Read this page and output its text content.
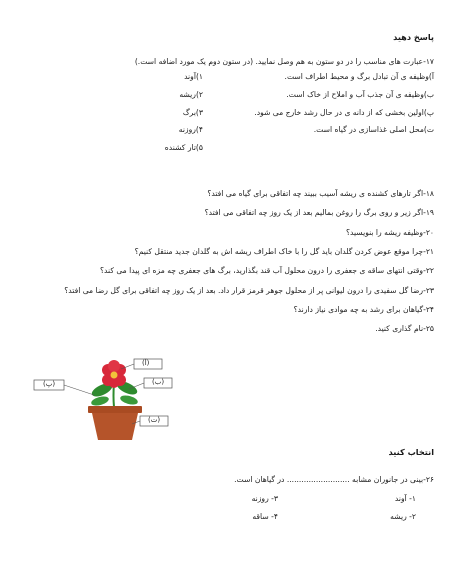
پاسخ دهید
۱۷-عبارت های مناسب را در دو ستون به هم وصل نمایید. (در ستون دوم یک مورد اضافه است.)
آ)وظیفه ی آن تبادل برگ و محیط اطراف است.
ب)وظیفه ی آن جذب آب و املاح از خاک است.
پ)اولین بخشی که از دانه ی در حال رشد خارج می شود.
ت)محل اصلی غذاسازی در گیاه است.
۱)آوند
۲)ریشه
۳)برگ
۴)روزنه
۵)تار کشنده
۱۸-اگر تارهای کشنده ی ریشه آسیب ببیند چه اتفاقی برای گیاه می افتد؟
۱۹-اگر زیر و روی برگ را روغن بمالیم بعد از یک روز چه اتفاقی می افتد؟
۲۰-وظیفه ریشه را بنویسید؟
۲۱-چرا موقع عوض کردن گلدان باید گل را با خاک اطراف ریشه اش به گلدان جدید منتقل کنیم؟
۲۲-وقتی انتهای ساقه ی جعفری را درون محلول آب قند بگذارید، برگ های جعفری چه مزه ای پیدا می کند؟
۲۳-رضا گل سفیدی را درون لیوانی پر از محلول جوهر قرمز قرار داد. بعد از یک روز چه اتفاقی برای گل رضا می افتد؟
۲۴-گیاهان برای رشد به چه موادی نیاز دارند؟
۲۵-نام گذاری کنید.
(آ)
(ب)
(پ)
(ت)
انتخاب کنید
۲۶-بینی در جانوران مشابه .......................... در گیاهان است.
۱- آوند
۲- ریشه
۳- روزنه
۴- ساقه
